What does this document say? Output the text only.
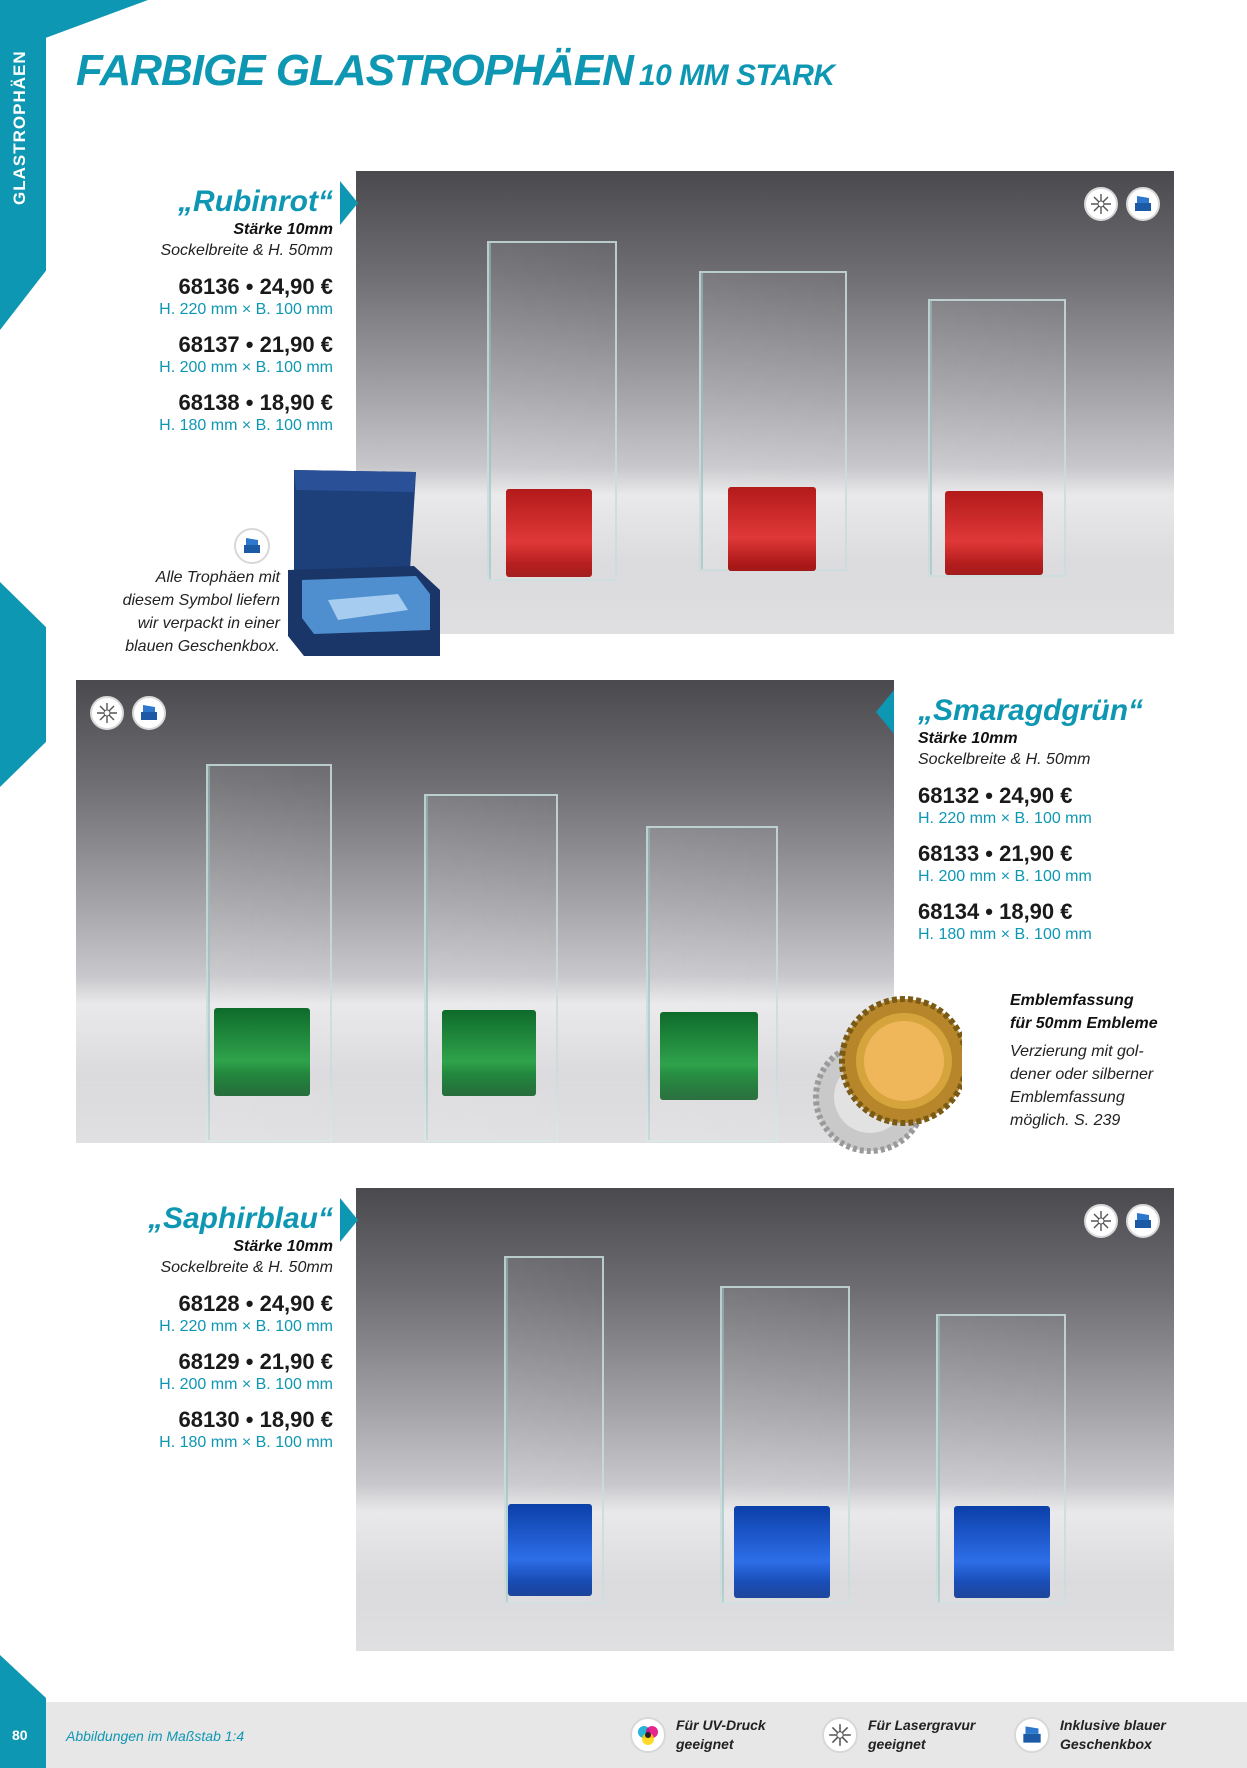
GLASTROPHÄEN FARBIGE GLASTROPHÄEN 10 MM STARK
„Rubinrot“
Stärke 10mm
Sockelbreite & H. 50mm
68136 • 24,90 €
H. 220 mm × B. 100 mm
68137 • 21,90 €
H. 200 mm × B. 100 mm
68138 • 18,90 €
H. 180 mm × B. 100 mm
Alle Trophäen mit
diesem Symbol liefern
wir verpackt in einer
blauen Geschenkbox.
„Smaragdgrün“
Stärke 10mm
Sockelbreite & H. 50mm
68132 • 24,90 €
H. 220 mm × B. 100 mm
68133 • 21,90 €
H. 200 mm × B. 100 mm
68134 • 18,90 €
H. 180 mm × B. 100 mm
Emblemfassung
für 50mm Embleme
Verzierung mit gol-
dener oder silberner
Emblemfassung
möglich. S. 239
„Saphirblau“
Stärke 10mm
Sockelbreite & H. 50mm
68128 • 24,90 €
H. 220 mm × B. 100 mm
68129 • 21,90 €
H. 200 mm × B. 100 mm
68130 • 18,90 €
H. 180 mm × B. 100 mm
80	Abbildungen im Maßstab 1:4
Für UV-Druck
geeignet
Für Lasergravur
geeignet
Inklusive blauer
Geschenkbox
